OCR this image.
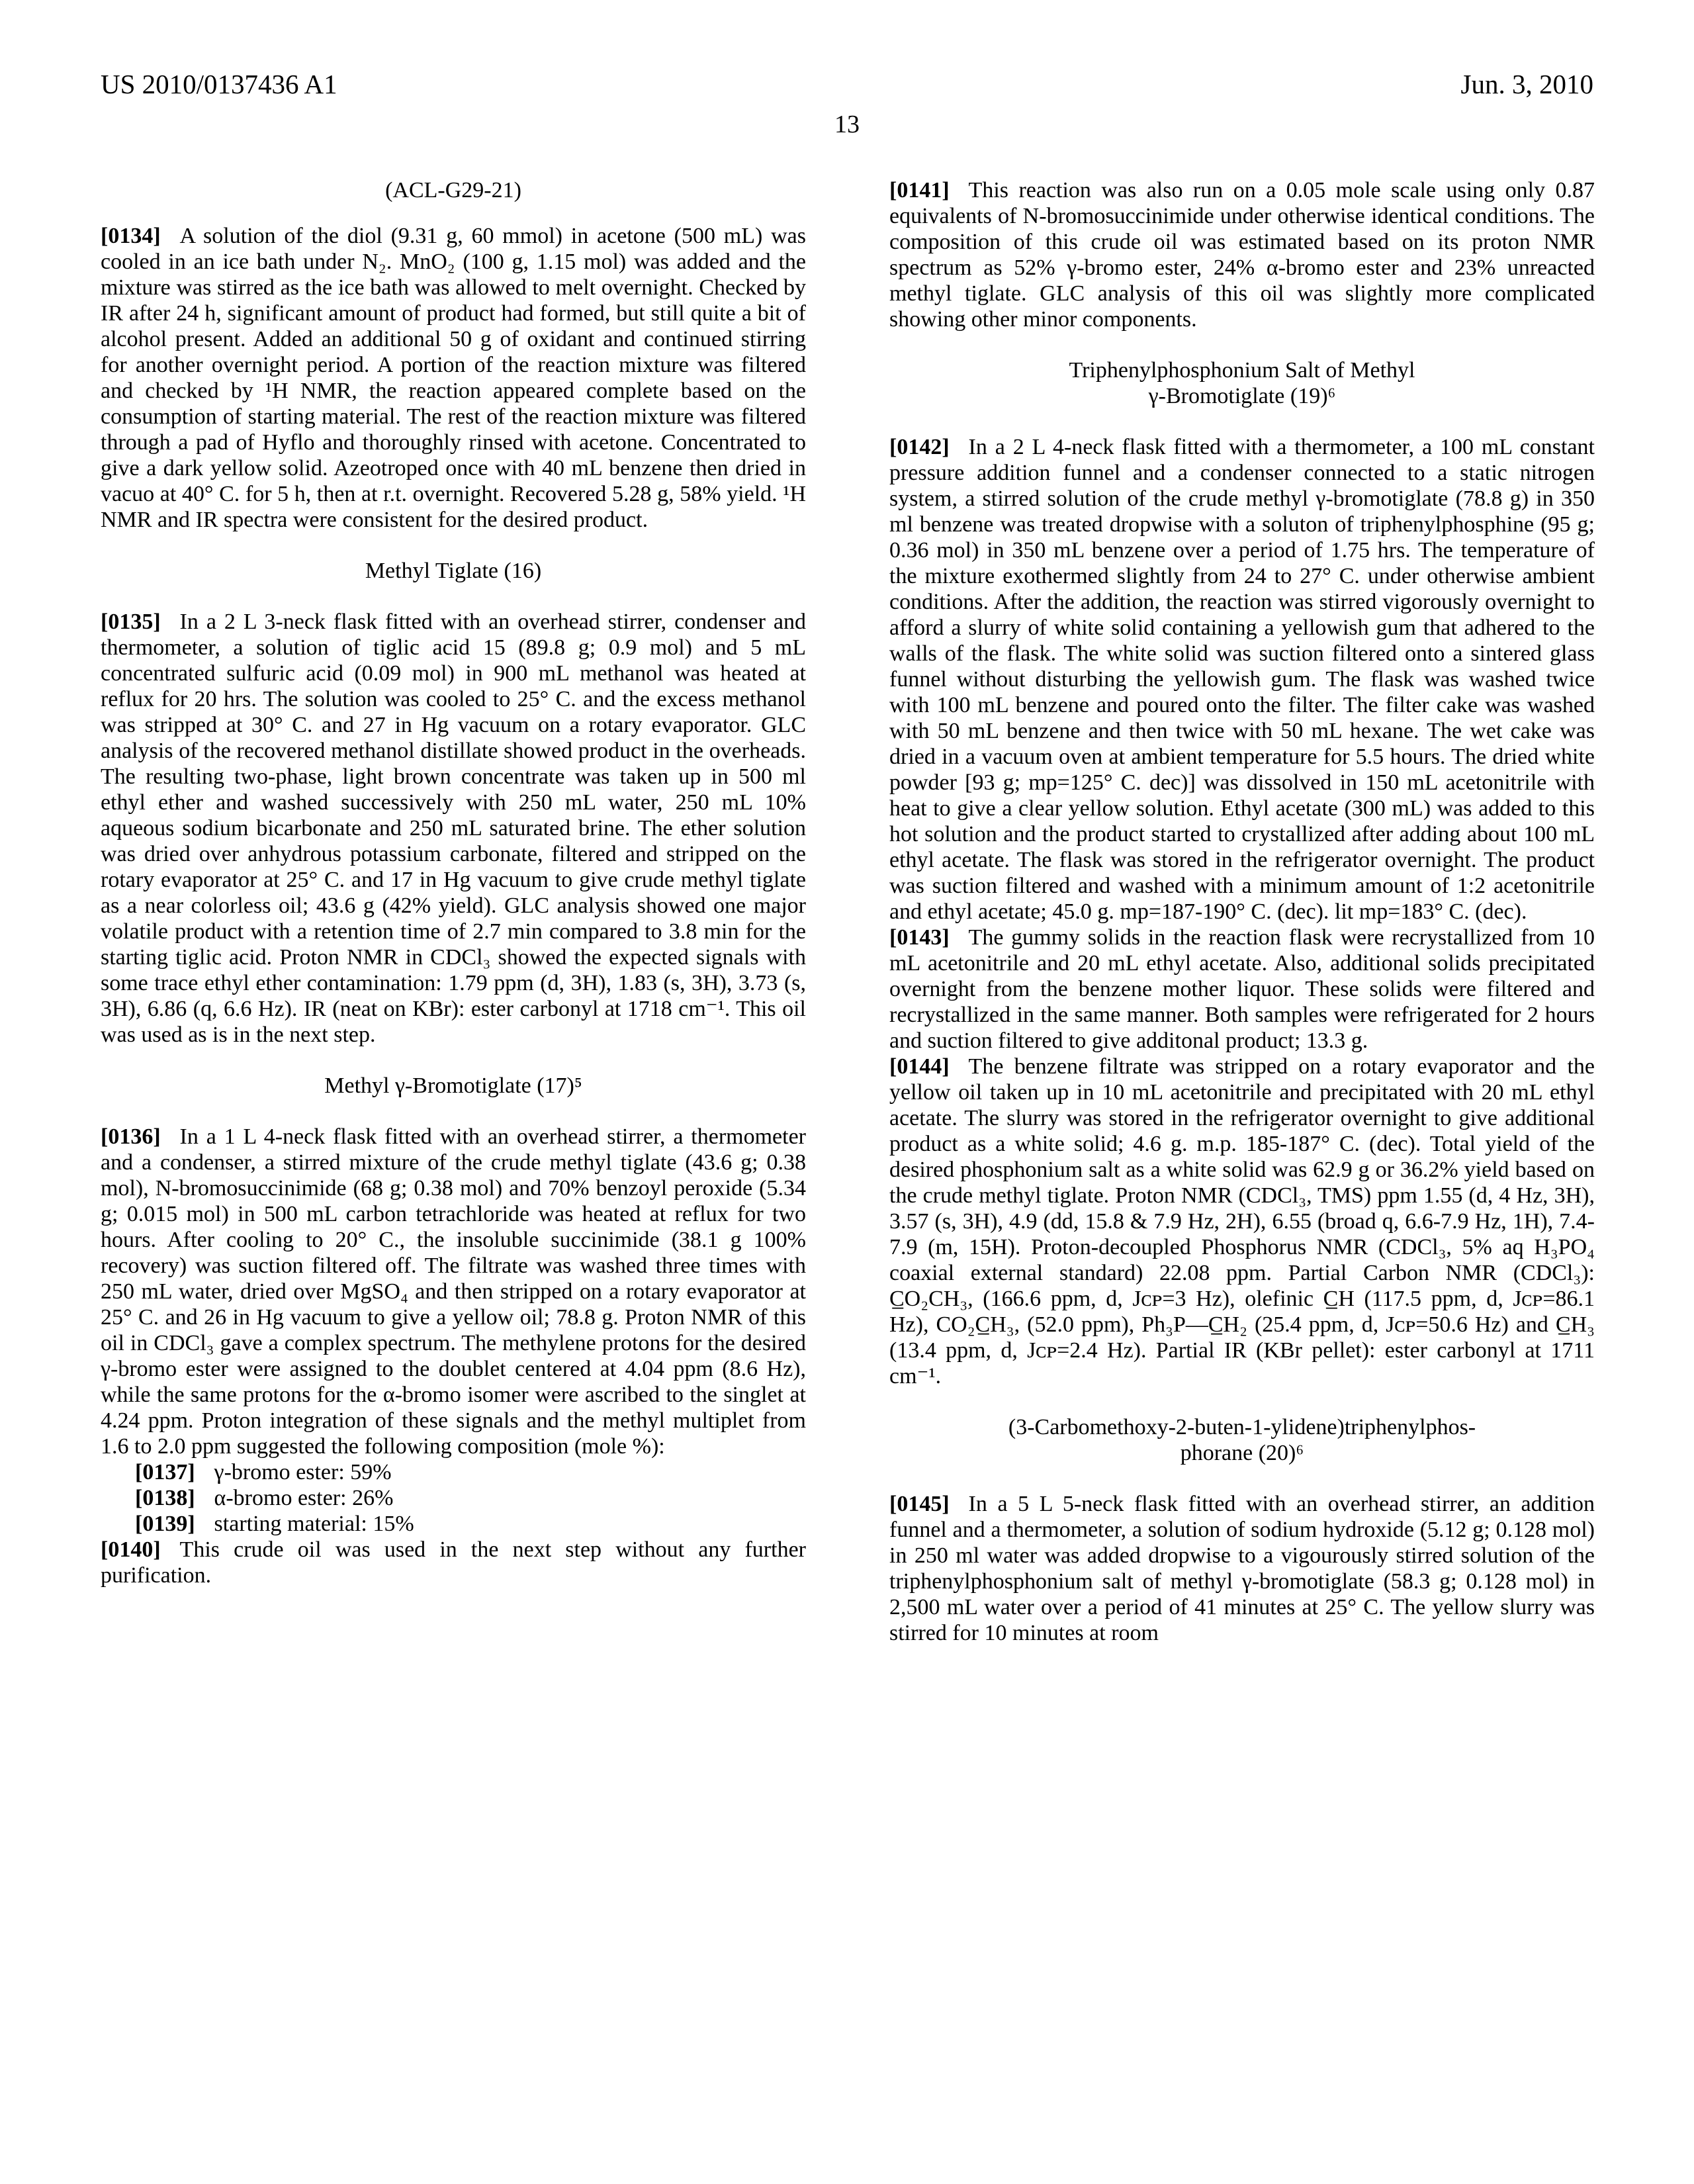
US 2010/0137436 A1	Jun. 3, 2010
13
(ACL-G29-21)

[0134] A solution of the diol (9.31 g, 60 mmol) in acetone (500 mL) was cooled in an ice bath under N₂. MnO₂ (100 g, 1.15 mol) was added and the mixture was stirred as the ice bath was allowed to melt overnight. Checked by IR after 24 h, significant amount of product had formed, but still quite a bit of alcohol present. Added an additional 50 g of oxidant and continued stirring for another overnight period. A portion of the reaction mixture was filtered and checked by ¹H NMR, the reaction appeared complete based on the consumption of starting material. The rest of the reaction mixture was filtered through a pad of Hyflo and thoroughly rinsed with acetone. Concentrated to give a dark yellow solid. Azeotroped once with 40 mL benzene then dried in vacuo at 40° C. for 5 h, then at r.t. overnight. Recovered 5.28 g, 58% yield. ¹H NMR and IR spectra were consistent for the desired product.

Methyl Tiglate (16)

[0135] In a 2 L 3-neck flask fitted with an overhead stirrer, condenser and thermometer, a solution of tiglic acid 15 (89.8 g; 0.9 mol) and 5 mL concentrated sulfuric acid (0.09 mol) in 900 mL methanol was heated at reflux for 20 hrs. The solution was cooled to 25° C. and the excess methanol was stripped at 30° C. and 27 in Hg vacuum on a rotary evaporator. GLC analysis of the recovered methanol distillate showed product in the overheads. The resulting two-phase, light brown concentrate was taken up in 500 ml ethyl ether and washed successively with 250 mL water, 250 mL 10% aqueous sodium bicarbonate and 250 mL saturated brine. The ether solution was dried over anhydrous potassium carbonate, filtered and stripped on the rotary evaporator at 25° C. and 17 in Hg vacuum to give crude methyl tiglate as a near colorless oil; 43.6 g (42% yield). GLC analysis showed one major volatile product with a retention time of 2.7 min compared to 3.8 min for the starting tiglic acid. Proton NMR in CDCl₃ showed the expected signals with some trace ethyl ether contamination: 1.79 ppm (d, 3H), 1.83 (s, 3H), 3.73 (s, 3H), 6.86 (q, 6.6 Hz). IR (neat on KBr): ester carbonyl at 1718 cm⁻¹. This oil was used as is in the next step.

Methyl γ-Bromotiglate (17)⁵

[0136] In a 1 L 4-neck flask fitted with an overhead stirrer, a thermometer and a condenser, a stirred mixture of the crude methyl tiglate (43.6 g; 0.38 mol), N-bromosuccinimide (68 g; 0.38 mol) and 70% benzoyl peroxide (5.34 g; 0.015 mol) in 500 mL carbon tetrachloride was heated at reflux for two hours. After cooling to 20° C., the insoluble succinimide (38.1 g 100% recovery) was suction filtered off. The filtrate was washed three times with 250 mL water, dried over MgSO₄ and then stripped on a rotary evaporator at 25° C. and 26 in Hg vacuum to give a yellow oil; 78.8 g. Proton NMR of this oil in CDCl₃ gave a complex spectrum. The methylene protons for the desired γ-bromo ester were assigned to the doublet centered at 4.04 ppm (8.6 Hz), while the same protons for the α-bromo isomer were ascribed to the singlet at 4.24 ppm. Proton integration of these signals and the methyl multiplet from 1.6 to 2.0 ppm suggested the following composition (mole %):

[0137] γ-bromo ester: 59%

[0138] α-bromo ester: 26%

[0139] starting material: 15%

[0140] This crude oil was used in the next step without any further purification.

[0141] This reaction was also run on a 0.05 mole scale using only 0.87 equivalents of N-bromosuccinimide under otherwise identical conditions. The composition of this crude oil was estimated based on its proton NMR spectrum as 52% γ-bromo ester, 24% α-bromo ester and 23% unreacted methyl tiglate. GLC analysis of this oil was slightly more complicated showing other minor components.

Triphenylphosphonium Salt of Methyl
γ-Bromotiglate (19)⁶

[0142] In a 2 L 4-neck flask fitted with a thermometer, a 100 mL constant pressure addition funnel and a condenser connected to a static nitrogen system, a stirred solution of the crude methyl γ-bromotiglate (78.8 g) in 350 ml benzene was treated dropwise with a soluton of triphenylphosphine (95 g; 0.36 mol) in 350 mL benzene over a period of 1.75 hrs. The temperature of the mixture exothermed slightly from 24 to 27° C. under otherwise ambient conditions. After the addition, the reaction was stirred vigorously overnight to afford a slurry of white solid containing a yellowish gum that adhered to the walls of the flask. The white solid was suction filtered onto a sintered glass funnel without disturbing the yellowish gum. The flask was washed twice with 100 mL benzene and poured onto the filter. The filter cake was washed with 50 mL benzene and then twice with 50 mL hexane. The wet cake was dried in a vacuum oven at ambient temperature for 5.5 hours. The dried white powder [93 g; mp=125° C. dec)] was dissolved in 150 mL acetonitrile with heat to give a clear yellow solution. Ethyl acetate (300 mL) was added to this hot solution and the product started to crystallized after adding about 100 mL ethyl acetate. The flask was stored in the refrigerator overnight. The product was suction filtered and washed with a minimum amount of 1:2 acetonitrile and ethyl acetate; 45.0 g. mp=187-190° C. (dec). lit mp=183° C. (dec).

[0143] The gummy solids in the reaction flask were recrystallized from 10 mL acetonitrile and 20 mL ethyl acetate. Also, additional solids precipitated overnight from the benzene mother liquor. These solids were filtered and recrystallized in the same manner. Both samples were refrigerated for 2 hours and suction filtered to give additonal product; 13.3 g.

[0144] The benzene filtrate was stripped on a rotary evaporator and the yellow oil taken up in 10 mL acetonitrile and precipitated with 20 mL ethyl acetate. The slurry was stored in the refrigerator overnight to give additional product as a white solid; 4.6 g. m.p. 185-187° C. (dec). Total yield of the desired phosphonium salt as a white solid was 62.9 g or 36.2% yield based on the crude methyl tiglate. Proton NMR (CDCl₃, TMS) ppm 1.55 (d, 4 Hz, 3H), 3.57 (s, 3H), 4.9 (dd, 15.8 & 7.9 Hz, 2H), 6.55 (broad q, 6.6-7.9 Hz, 1H), 7.4-7.9 (m, 15H). Proton-decoupled Phosphorus NMR (CDCl₃, 5% aq H₃PO₄ coaxial external standard) 22.08 ppm. Partial Carbon NMR (CDCl₃): C̲O₂CH₃, (166.6 ppm, d, Jᴄᴘ=3 Hz), olefinic C̲H (117.5 ppm, d, Jᴄᴘ=86.1 Hz), CO₂C̲H₃, (52.0 ppm), Ph₃P—C̲H₂ (25.4 ppm, d, Jᴄᴘ=50.6 Hz) and C̲H₃ (13.4 ppm, d, Jᴄᴘ=2.4 Hz). Partial IR (KBr pellet): ester carbonyl at 1711 cm⁻¹.

(3-Carbomethoxy-2-buten-1-ylidene)triphenylphos-
phorane (20)⁶

[0145] In a 5 L 5-neck flask fitted with an overhead stirrer, an addition funnel and a thermometer, a solution of sodium hydroxide (5.12 g; 0.128 mol) in 250 ml water was added dropwise to a vigourously stirred solution of the triphenylphosphonium salt of methyl γ-bromotiglate (58.3 g; 0.128 mol) in 2,500 mL water over a period of 41 minutes at 25° C. The yellow slurry was stirred for 10 minutes at room
